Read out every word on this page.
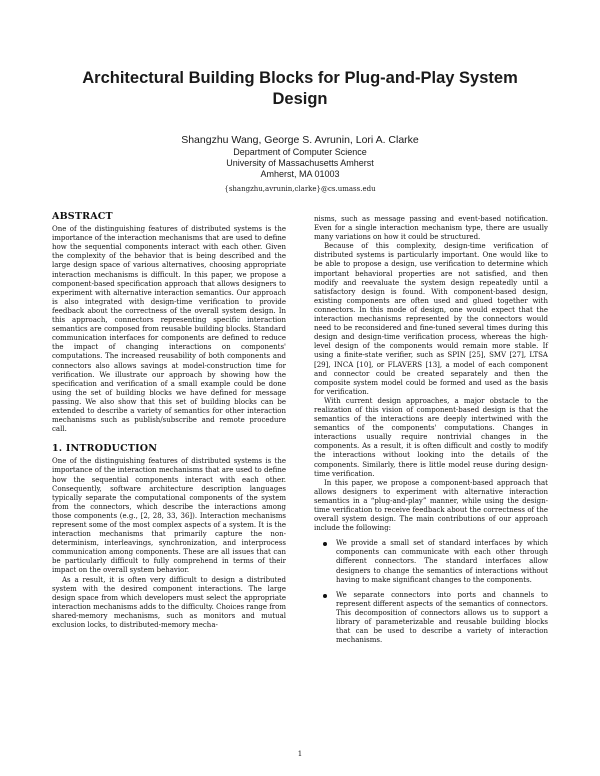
Architectural Building Blocks for Plug-and-Play System Design
Shangzhu Wang, George S. Avrunin, Lori A. Clarke
Department of Computer Science
University of Massachusetts Amherst
Amherst, MA 01003
{shangzhu,avrunin,clarke}@cs.umass.edu
ABSTRACT

One of the distinguishing features of distributed systems is the importance of the interaction mechanisms that are used to define how the sequential components interact with each other. Given the complexity of the behavior that is being described and the large design space of various alternatives, choosing appropriate interaction mechanisms is difficult. In this paper, we propose a component-based specification approach that allows designers to experiment with alternative interaction semantics. Our approach is also integrated with design-time verification to provide feedback about the correctness of the overall system design. In this approach, connectors representing specific interaction semantics are composed from reusable building blocks. Standard communication interfaces for components are defined to reduce the impact of changing interactions on components' computations. The increased reusability of both components and connectors also allows savings at model-construction time for verification. We illustrate our approach by showing how the specification and verification of a small example could be done using the set of building blocks we have defined for message passing. We also show that this set of building blocks can be extended to describe a variety of semantics for other interaction mechanisms such as publish/subscribe and remote procedure call.

1. INTRODUCTION

One of the distinguishing features of distributed systems is the importance of the interaction mechanisms that are used to define how the sequential components interact with each other. Consequently, software architecture description languages typically separate the computational components of the system from the connectors, which describe the interactions among those components (e.g., [2, 28, 33, 36]). Interaction mechanisms represent some of the most complex aspects of a system. It is the interaction mechanisms that primarily capture the non-determinism, interleavings, synchronization, and interprocess communication among components. These are all issues that can be particularly difficult to fully comprehend in terms of their impact on the overall system behavior.

As a result, it is often very difficult to design a distributed system with the desired component interactions. The large design space from which developers must select the appropriate interaction mechanisms adds to the difficulty. Choices range from shared-memory mechanisms, such as monitors and mutual exclusion locks, to distributed-memory mecha-

nisms, such as message passing and event-based notification. Even for a single interaction mechanism type, there are usually many variations on how it could be structured.

Because of this complexity, design-time verification of distributed systems is particularly important. One would like to be able to propose a design, use verification to determine which important behavioral properties are not satisfied, and then modify and reevaluate the system design repeatedly until a satisfactory design is found. With component-based design, existing components are often used and glued together with connectors. In this mode of design, one would expect that the interaction mechanisms represented by the connectors would need to be reconsidered and fine-tuned several times during this design and design-time verification process, whereas the high-level design of the components would remain more stable. If using a finite-state verifier, such as SPIN [25], SMV [27], LTSA [29], INCA [10], or FLAVERS [13], a model of each component and connector could be created separately and then the composite system model could be formed and used as the basis for verification.

With current design approaches, a major obstacle to the realization of this vision of component-based design is that the semantics of the interactions are deeply intertwined with the semantics of the components' computations. Changes in interactions usually require nontrivial changes in the components. As a result, it is often difficult and costly to modify the interactions without looking into the details of the components. Similarly, there is little model reuse during design-time verification.

In this paper, we propose a component-based approach that allows designers to experiment with alternative interaction semantics in a “plug-and-play” manner, while using the design-time verification to receive feedback about the correctness of the overall system design. The main contributions of our approach include the following:

We provide a small set of standard interfaces by which components can communicate with each other through different connectors. The standard interfaces allow designers to change the semantics of interactions without having to make significant changes to the components.
We separate connectors into ports and channels to represent different aspects of the semantics of connectors. This decomposition of connectors allows us to support a library of parameterizable and reusable building blocks that can be used to describe a variety of interaction mechanisms.
1
